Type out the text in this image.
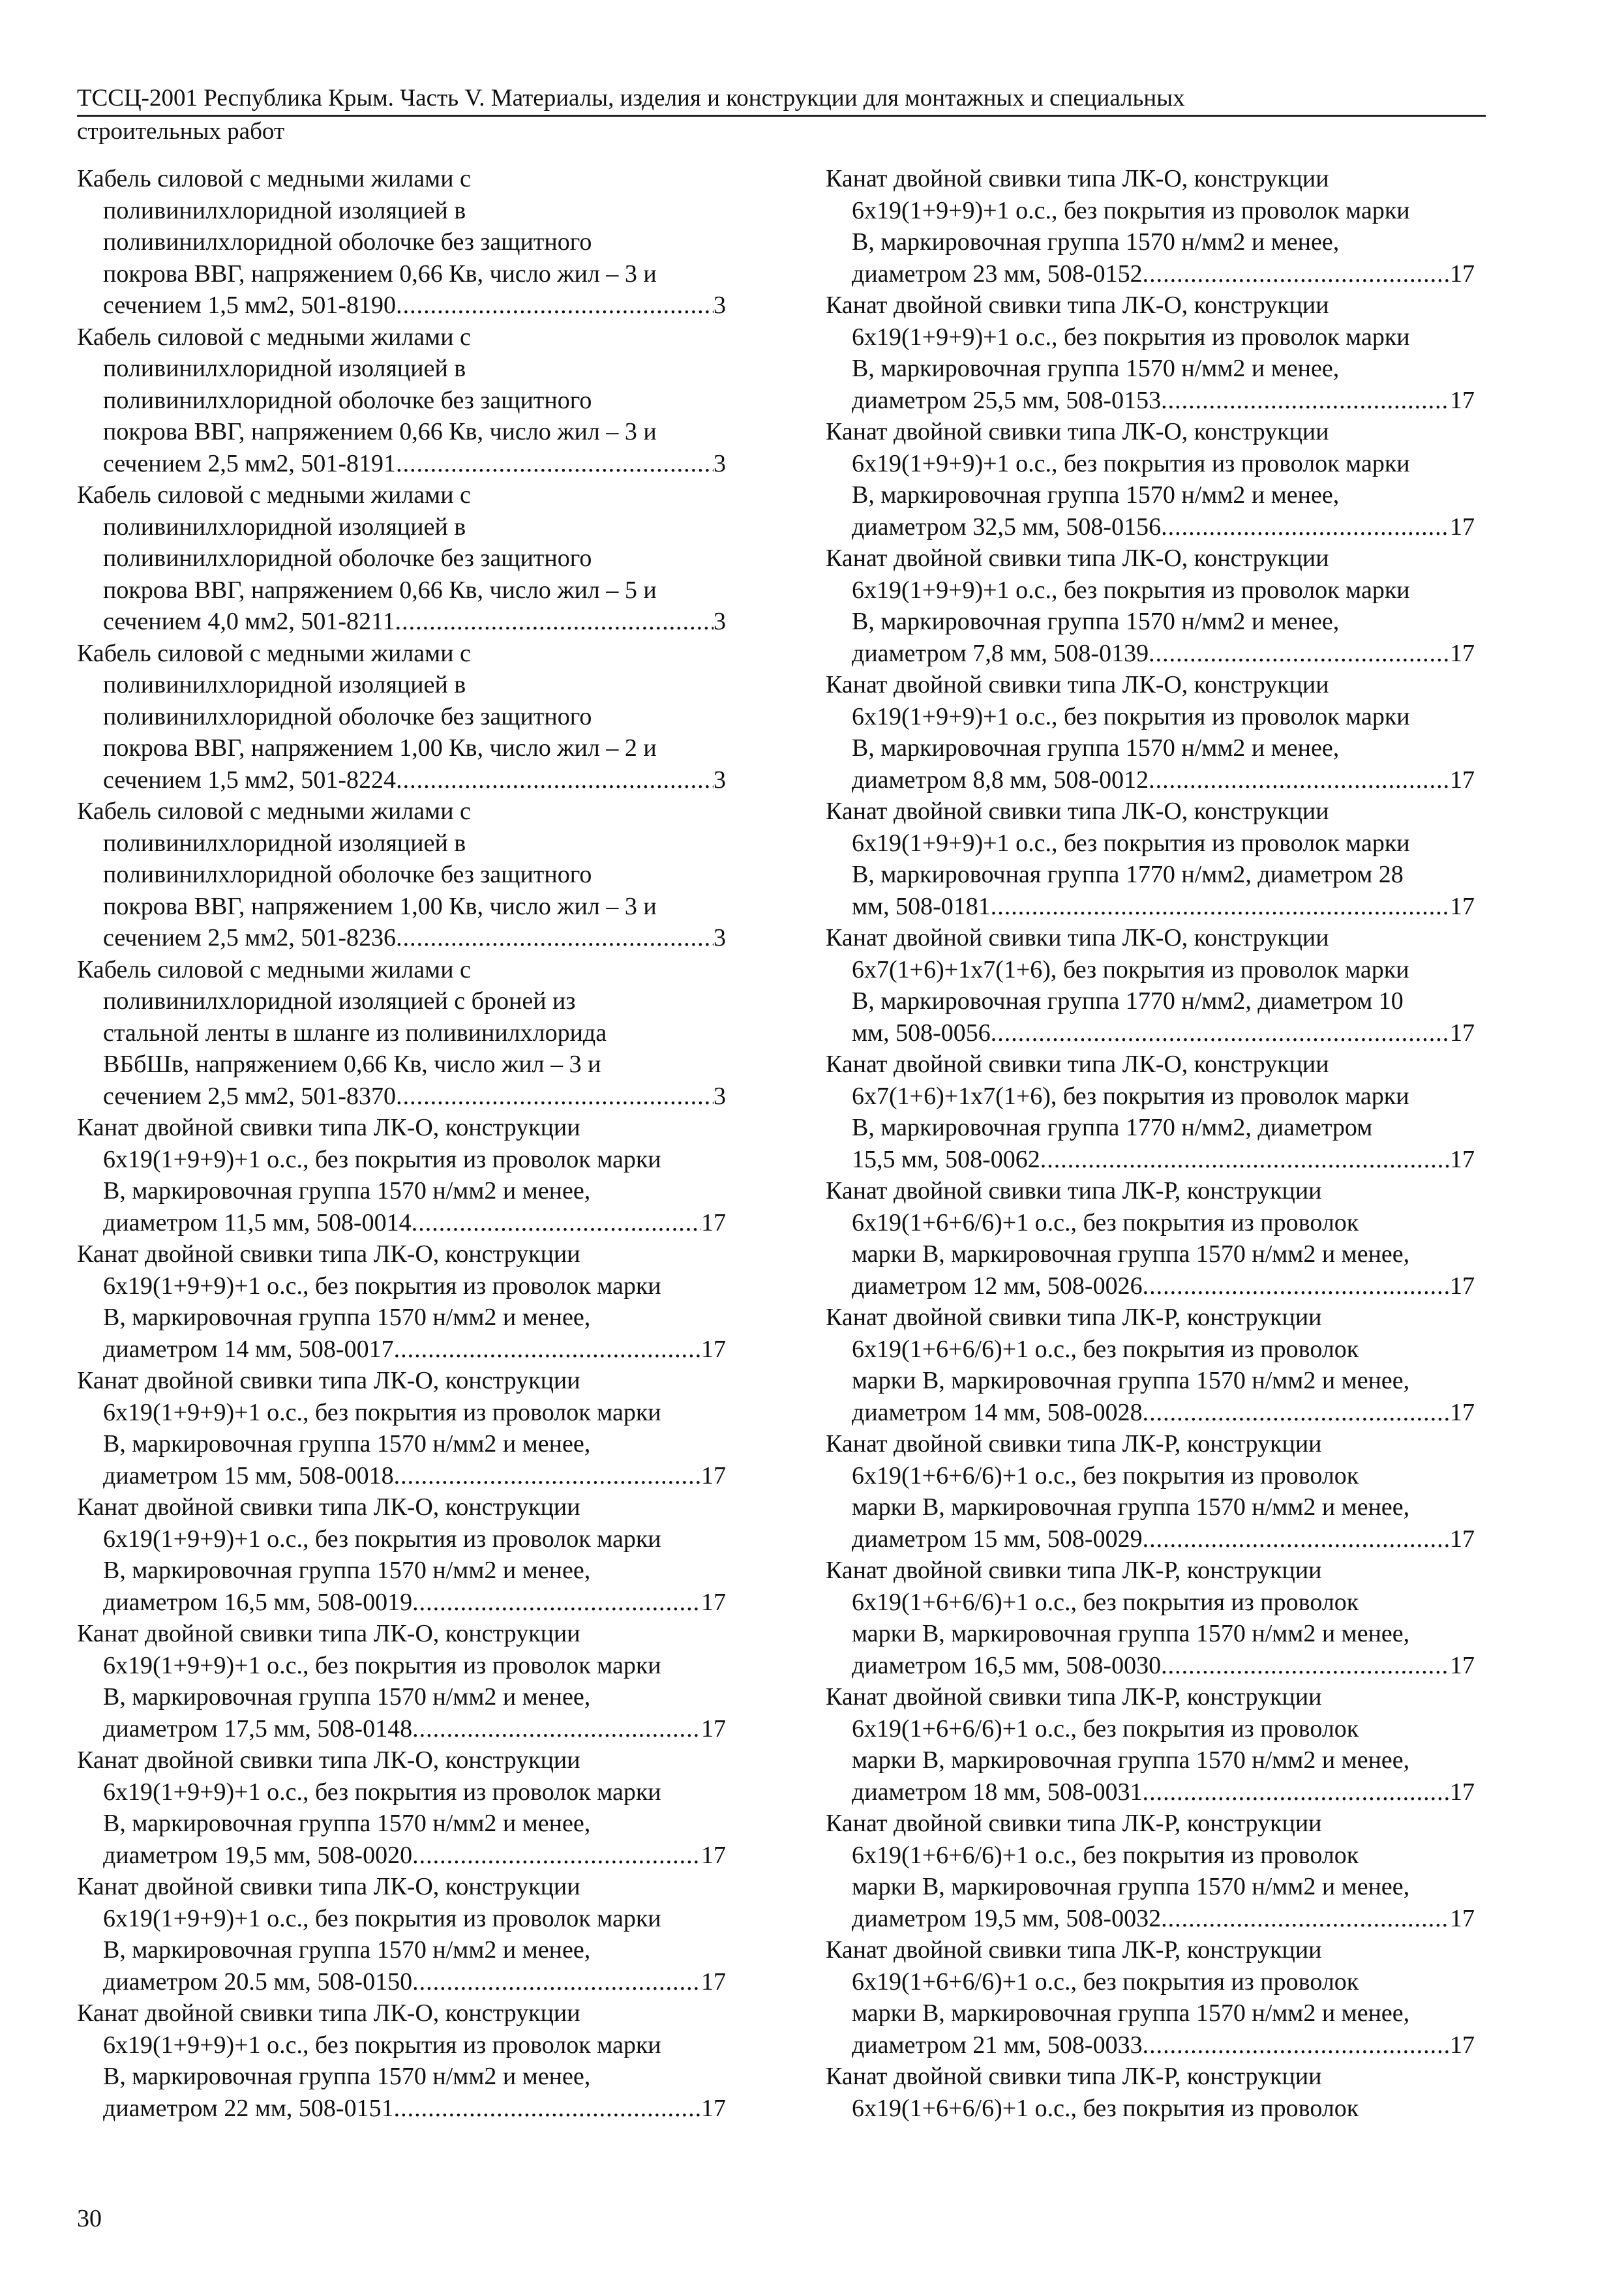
ТССЦ-2001 Республика Крым. Часть V. Материалы, изделия и конструкции для монтажных и специальных
строительных работ
Кабель силовой с медными жилами с
поливинилхлоридной изоляцией в
поливинилхлоридной оболочке без защитного
покрова ВВГ, напряжением 0,66 Кв, число жил – 3 и
сечением 1,5 мм2, 501-8190 .....	3
Кабель силовой с медными жилами с
поливинилхлоридной изоляцией в
поливинилхлоридной оболочке без защитного
покрова ВВГ, напряжением 0,66 Кв, число жил – 3 и
сечением 2,5 мм2, 501-8191 .....	3
Кабель силовой с медными жилами с
поливинилхлоридной изоляцией в
поливинилхлоридной оболочке без защитного
покрова ВВГ, напряжением 0,66 Кв, число жил – 5 и
сечением 4,0 мм2, 501-8211 .....	3
Кабель силовой с медными жилами с
поливинилхлоридной изоляцией в
поливинилхлоридной оболочке без защитного
покрова ВВГ, напряжением 1,00 Кв, число жил – 2 и
сечением 1,5 мм2, 501-8224 .....	3
Кабель силовой с медными жилами с
поливинилхлоридной изоляцией в
поливинилхлоридной оболочке без защитного
покрова ВВГ, напряжением 1,00 Кв, число жил – 3 и
сечением 2,5 мм2, 501-8236 .....	3
Кабель силовой с медными жилами с
поливинилхлоридной изоляцией с броней из
стальной ленты в шланге из поливинилхлорида
ВБбШв, напряжением 0,66 Кв, число жил – 3 и
сечением 2,5 мм2, 501-8370 .....	3
Канат двойной свивки типа ЛК-О, конструкции
6x19(1+9+9)+1 о.с., без покрытия из проволок марки
В, маркировочная группа 1570 н/мм2 и менее,
диаметром 11,5 мм, 508-0014 .....	17
Канат двойной свивки типа ЛК-О, конструкции
6x19(1+9+9)+1 о.с., без покрытия из проволок марки
В, маркировочная группа 1570 н/мм2 и менее,
диаметром 14 мм, 508-0017 .....	17
Канат двойной свивки типа ЛК-О, конструкции
6x19(1+9+9)+1 о.с., без покрытия из проволок марки
В, маркировочная группа 1570 н/мм2 и менее,
диаметром 15 мм, 508-0018 .....	17
Канат двойной свивки типа ЛК-О, конструкции
6x19(1+9+9)+1 о.с., без покрытия из проволок марки
В, маркировочная группа 1570 н/мм2 и менее,
диаметром 16,5 мм, 508-0019 .....	17
Канат двойной свивки типа ЛК-О, конструкции
6x19(1+9+9)+1 о.с., без покрытия из проволок марки
В, маркировочная группа 1570 н/мм2 и менее,
диаметром 17,5 мм, 508-0148 .....	17
Канат двойной свивки типа ЛК-О, конструкции
6x19(1+9+9)+1 о.с., без покрытия из проволок марки
В, маркировочная группа 1570 н/мм2 и менее,
диаметром 19,5 мм, 508-0020 .....	17
Канат двойной свивки типа ЛК-О, конструкции
6x19(1+9+9)+1 о.с., без покрытия из проволок марки
В, маркировочная группа 1570 н/мм2 и менее,
диаметром 20.5 мм, 508-0150 .....	17
Канат двойной свивки типа ЛК-О, конструкции
6x19(1+9+9)+1 о.с., без покрытия из проволок марки
В, маркировочная группа 1570 н/мм2 и менее,
диаметром 22 мм, 508-0151 .....	17
Канат двойной свивки типа ЛК-О, конструкции
6x19(1+9+9)+1 о.с., без покрытия из проволок марки
В, маркировочная группа 1570 н/мм2 и менее,
диаметром 23 мм, 508-0152 .....	17
Канат двойной свивки типа ЛК-О, конструкции
6x19(1+9+9)+1 о.с., без покрытия из проволок марки
В, маркировочная группа 1570 н/мм2 и менее,
диаметром 25,5 мм, 508-0153 .....	17
Канат двойной свивки типа ЛК-О, конструкции
6x19(1+9+9)+1 о.с., без покрытия из проволок марки
В, маркировочная группа 1570 н/мм2 и менее,
диаметром 32,5 мм, 508-0156 .....	17
Канат двойной свивки типа ЛК-О, конструкции
6x19(1+9+9)+1 о.с., без покрытия из проволок марки
В, маркировочная группа 1570 н/мм2 и менее,
диаметром 7,8 мм, 508-0139 .....	17
Канат двойной свивки типа ЛК-О, конструкции
6x19(1+9+9)+1 о.с., без покрытия из проволок марки
В, маркировочная группа 1570 н/мм2 и менее,
диаметром 8,8 мм, 508-0012 .....	17
Канат двойной свивки типа ЛК-О, конструкции
6x19(1+9+9)+1 о.с., без покрытия из проволок марки
В, маркировочная группа 1770 н/мм2, диаметром 28
мм, 508-0181 .....	17
Канат двойной свивки типа ЛК-О, конструкции
6x7(1+6)+1x7(1+6), без покрытия из проволок марки
В, маркировочная группа 1770 н/мм2, диаметром 10
мм, 508-0056 .....	17
Канат двойной свивки типа ЛК-О, конструкции
6x7(1+6)+1x7(1+6), без покрытия из проволок марки
В, маркировочная группа 1770 н/мм2, диаметром
15,5 мм, 508-0062 .....	17
Канат двойной свивки типа ЛК-Р, конструкции
6x19(1+6+6/6)+1 о.с., без покрытия из проволок
марки В, маркировочная группа 1570 н/мм2 и менее,
диаметром 12 мм, 508-0026 .....	17
Канат двойной свивки типа ЛК-Р, конструкции
6x19(1+6+6/6)+1 о.с., без покрытия из проволок
марки В, маркировочная группа 1570 н/мм2 и менее,
диаметром 14 мм, 508-0028 .....	17
Канат двойной свивки типа ЛК-Р, конструкции
6x19(1+6+6/6)+1 о.с., без покрытия из проволок
марки В, маркировочная группа 1570 н/мм2 и менее,
диаметром 15 мм, 508-0029 .....	17
Канат двойной свивки типа ЛК-Р, конструкции
6x19(1+6+6/6)+1 о.с., без покрытия из проволок
марки В, маркировочная группа 1570 н/мм2 и менее,
диаметром 16,5 мм, 508-0030 .....	17
Канат двойной свивки типа ЛК-Р, конструкции
6x19(1+6+6/6)+1 о.с., без покрытия из проволок
марки В, маркировочная группа 1570 н/мм2 и менее,
диаметром 18 мм, 508-0031 .....	17
Канат двойной свивки типа ЛК-Р, конструкции
6x19(1+6+6/6)+1 о.с., без покрытия из проволок
марки В, маркировочная группа 1570 н/мм2 и менее,
диаметром 19,5 мм, 508-0032 .....	17
Канат двойной свивки типа ЛК-Р, конструкции
6x19(1+6+6/6)+1 о.с., без покрытия из проволок
марки В, маркировочная группа 1570 н/мм2 и менее,
диаметром 21 мм, 508-0033 .....	17
Канат двойной свивки типа ЛК-Р, конструкции
6x19(1+6+6/6)+1 о.с., без покрытия из проволок
30
